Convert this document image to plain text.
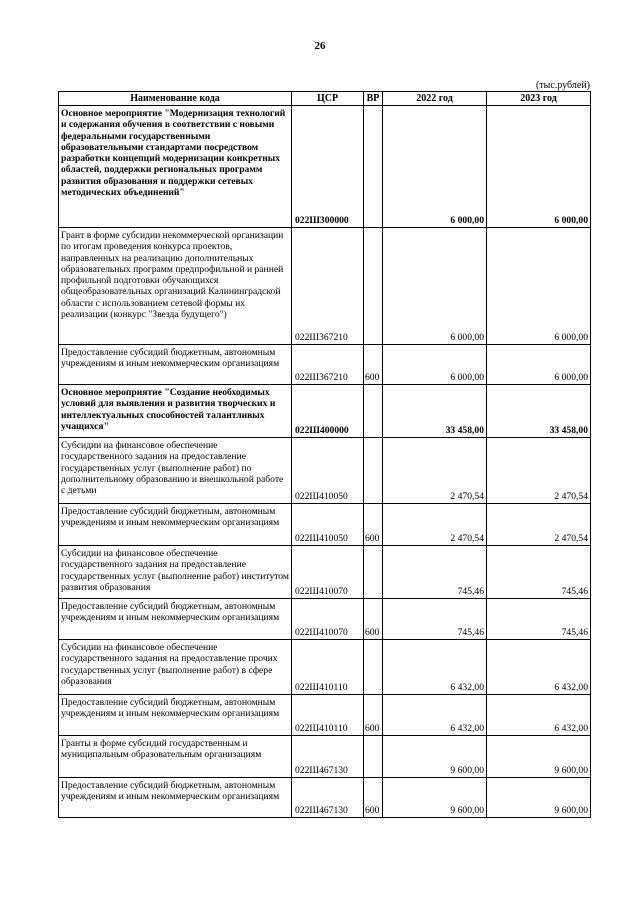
26
(тыс.рублей)
Наименование кода	ЦСР	ВР	2022 год	2023 год
Основное мероприятие "Модернизация технологий и содержания обучения в соответствии с новыми федеральными государственными образовательными стандартами посредством разработки концепций модернизации конкретных областей, поддержки региональных программ развития образования и поддержки сетевых методических объединений"	022Ш300000		6 000,00	6 000,00
Грант в форме субсидии некоммерческой организации по итогам проведения конкурса проектов, направленных на реализацию дополнительных образовательных программ предпрофильной и ранней профильной подготовки обучающихся общеобразовательных организаций Калининградской области с использованием сетевой формы их реализации (конкурс "Звезда будущего")	022Ш367210		6 000,00	6 000,00
Предоставление субсидий бюджетным, автономным учреждениям и иным некоммерческим организациям	022Ш367210	600	6 000,00	6 000,00
Основное мероприятие "Создание необходимых условий для выявления и развития творческих и интеллектуальных способностей талантливых учащихся"	022Ш400000		33 458,00	33 458,00
Субсидии на финансовое обеспечение государственного задания на предоставление государственных услуг (выполнение работ) по дополнительному образованию и внешкольной работе с детьми	022Ш410050		2 470,54	2 470,54
Предоставление субсидий бюджетным, автономным учреждениям и иным некоммерческим организациям	022Ш410050	600	2 470,54	2 470,54
Субсидии на финансовое обеспечение государственного задания на предоставление государственных услуг (выполнение работ) институтом развития образования	022Ш410070		745,46	745,46
Предоставление субсидий бюджетным, автономным учреждениям и иным некоммерческим организациям	022Ш410070	600	745,46	745,46
Субсидии на финансовое обеспечение государственного задания на предоставление прочих государственных услуг (выполнение работ) в сфере образования	022Ш410110		6 432,00	6 432,00
Предоставление субсидий бюджетным, автономным учреждениям и иным некоммерческим организациям	022Ш410110	600	6 432,00	6 432,00
Гранты в форме субсидий государственным и муниципальным образовательным организациям	022Ш467130		9 600,00	9 600,00
Предоставление субсидий бюджетным, автономным учреждениям и иным некоммерческим организациям	022Ш467130	600	9 600,00	9 600,00
